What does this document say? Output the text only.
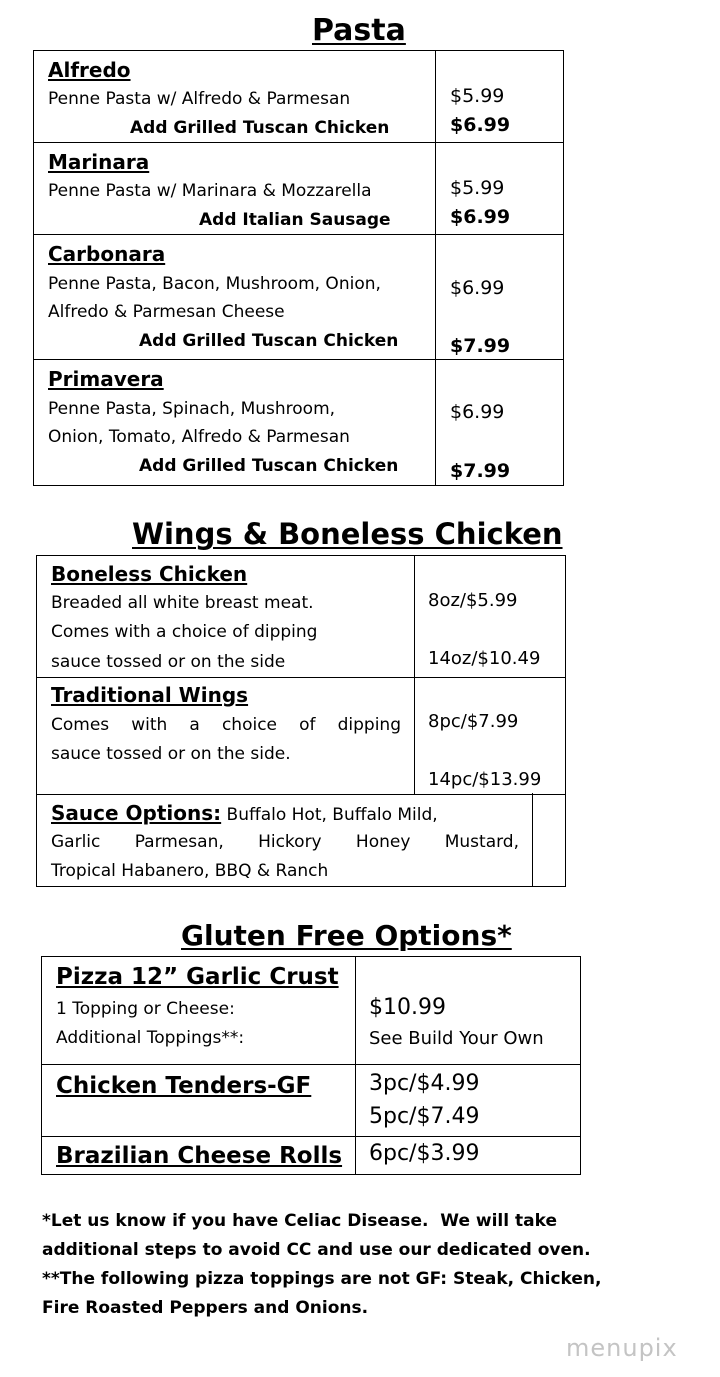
Pasta
Alfredo
Penne Pasta w/ Alfredo & Parmesan
Add Grilled Tuscan Chicken
$5.99
$6.99
Marinara
Penne Pasta w/ Marinara & Mozzarella
Add Italian Sausage
$5.99
$6.99
Carbonara
Penne Pasta, Bacon, Mushroom, Onion,
Alfredo & Parmesan Cheese
Add Grilled Tuscan Chicken
$6.99
$7.99
Primavera
Penne Pasta, Spinach, Mushroom,
Onion, Tomato, Alfredo & Parmesan
Add Grilled Tuscan Chicken
$6.99
$7.99
Wings & Boneless Chicken
Boneless Chicken
Breaded all white breast meat.
Comes with a choice of dipping
sauce tossed or on the side
8oz/$5.99
14oz/$10.49
Traditional Wings
Comes with a choice of dipping
sauce tossed or on the side.
8pc/$7.99
14pc/$13.99
Sauce Options: Buffalo Hot, Buffalo Mild,
Garlic Parmesan, Hickory Honey Mustard,
Tropical Habanero, BBQ & Ranch
Gluten Free Options*
Pizza 12” Garlic Crust
1 Topping or Cheese:
Additional Toppings**:
$10.99
See Build Your Own
Chicken Tenders-GF	3pc/$4.99
5pc/$7.49
Brazilian Cheese Rolls 6pc/$3.99
*Let us know if you have Celiac Disease.  We will take
additional steps to avoid CC and use our dedicated oven.
**The following pizza toppings are not GF: Steak, Chicken,
Fire Roasted Peppers and Onions.
menupix
